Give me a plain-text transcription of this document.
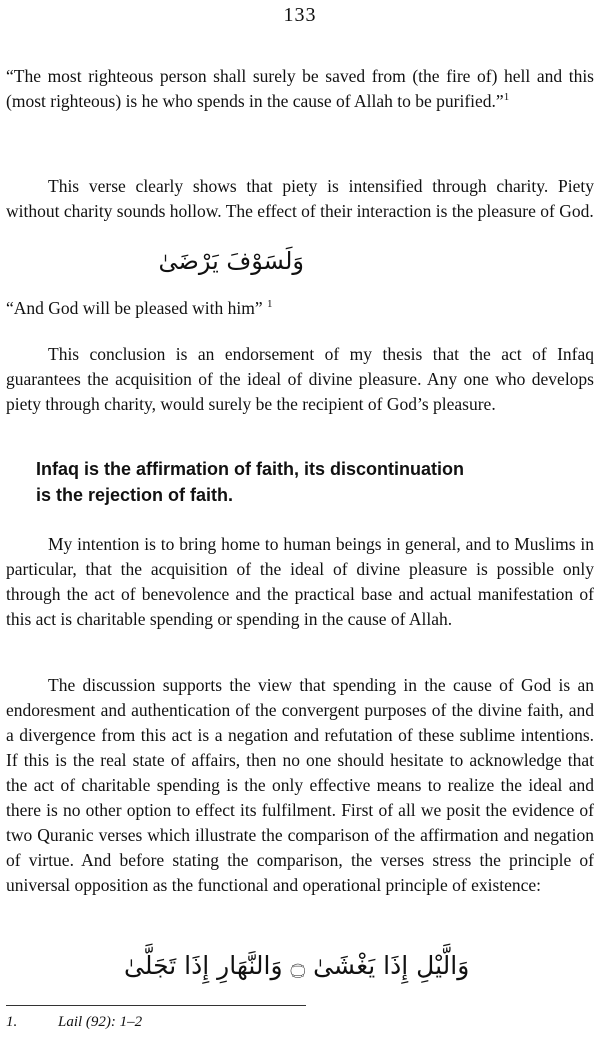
133

“The most righteous person shall surely be saved from (the fire of) hell and this (most righteous) is he who spends in the cause of Allah to be purified.”$^1$

This verse clearly shows that piety is intensified through charity. Piety without charity sounds hollow. The effect of their interaction is the pleasure of God.

وَلَسَوْفَ يَرْضَىٰ

“And God will be pleased with him” $^1$

This conclusion is an endorsement of my thesis that the act of Infaq guarantees the acquisition of the ideal of divine pleasure. Any one who develops piety through charity, would surely be the recipient of God’s pleasure.

Infaq is the affirmation of faith, its discontinuation
is the rejection of faith.

My intention is to bring home to human beings in general, and to Muslims in particular, that the acquisition of the ideal of divine pleasure is possible only through the act of benevolence and the practical base and actual manifestation of this act is charitable spending or spending in the cause of Allah.

The discussion supports the view that spending in the cause of God is an endoresment and authentication of the convergent purposes of the divine faith, and a divergence from this act is a negation and refutation of these sublime intentions. If this is the real state of affairs, then no one should hesitate to acknowledge that the act of charitable spending is the only effective means to realize the ideal and there is no other option to effect its fulfilment. First of all we posit the evidence of two Quranic verses which illustrate the comparison of the affirmation and negation of virtue. And before stating the comparison, the verses stress the principle of universal opposition as the functional and operational principle of existence:

وَالَّيْلِ إِذَا يَغْشَىٰ ۝ وَالنَّهَارِ إِذَا تَجَلَّىٰ
1.	Lail (92): 1–2
